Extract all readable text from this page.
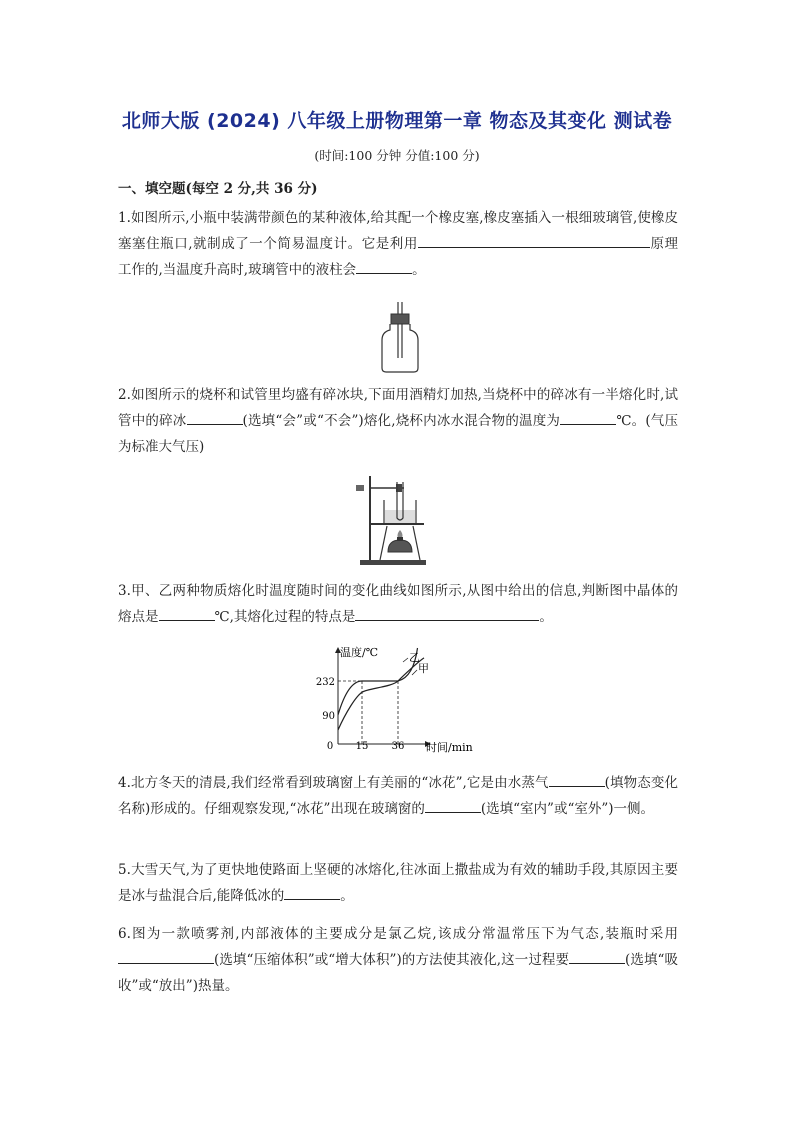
北师大版 (2024) 八年级上册物理第一章 物态及其变化 测试卷
(时间:100 分钟 分值:100 分)
一、填空题(每空 2 分,共 36 分)
1.如图所示,小瓶中装满带颜色的某种液体,给其配一个橡皮塞,橡皮塞插入一根细玻璃管,使橡皮塞塞住瓶口,就制成了一个简易温度计。它是利用	原理工作的,当温度升高时,玻璃管中的液柱会	。
2.如图所示的烧杯和试管里均盛有碎冰块,下面用酒精灯加热,当烧杯中的碎冰有一半熔化时,试管中的碎冰	(选填“会”或“不会”)熔化,烧杯内冰水混合物的温度为	℃。(气压为标准大气压)
3.甲、乙两种物质熔化时温度随时间的变化曲线如图所示,从图中给出的信息,判断图中晶体的熔点是	℃,其熔化过程的特点是	。
温度/℃
时间/min
0 15 36
90
232
甲
乙
4.北方冬天的清晨,我们经常看到玻璃窗上有美丽的“冰花”,它是由水蒸气	(填物态变化名称)形成的。仔细观察发现,“冰花”出现在玻璃窗的	(选填“室内”或“室外”)一侧。
5.大雪天气,为了更快地使路面上坚硬的冰熔化,往冰面上撒盐成为有效的辅助手段,其原因主要是冰与盐混合后,能降低冰的	。
6.图为一款喷雾剂,内部液体的主要成分是氯乙烷,该成分常温常压下为气态,装瓶时采用(选填“压缩体积”或“增大体积”)的方法使其液化,这一过程要	(选填“吸收”或“放出”)热量。
